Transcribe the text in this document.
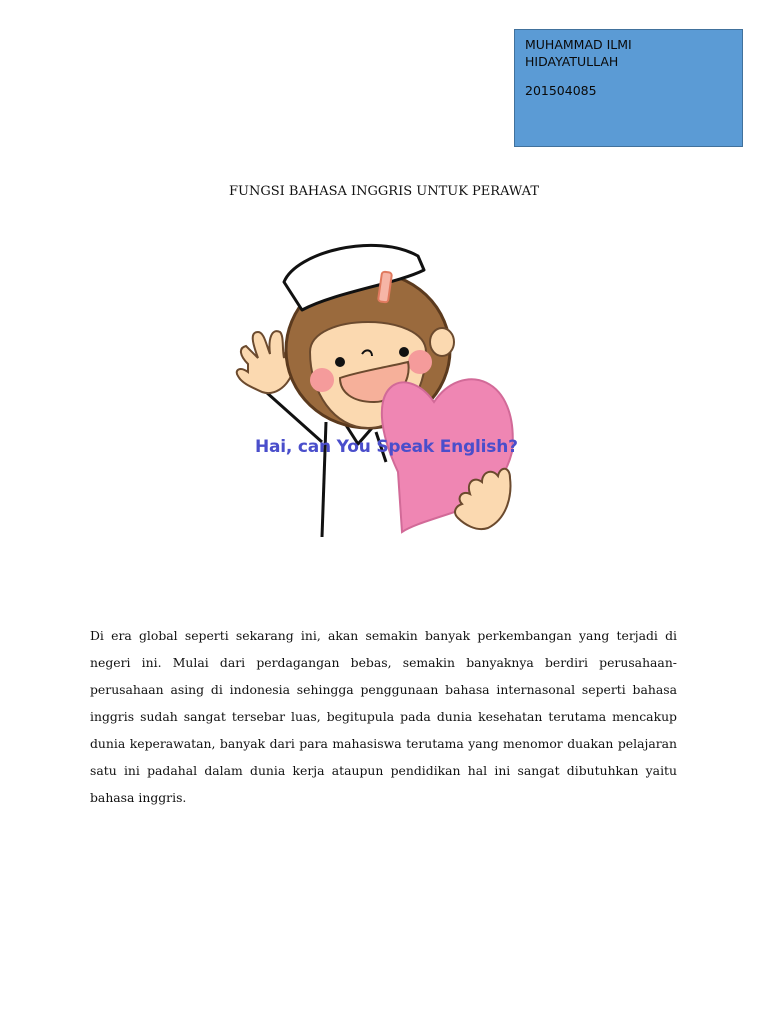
MUHAMMAD ILMI
HIDAYATULLAH
201504085
FUNGSI BAHASA INGGRIS UNTUK PERAWAT
Hai, can You Speak English?

Di era global seperti sekarang ini, akan semakin banyak perkembangan yang terjadi di negeri ini. Mulai dari perdagangan bebas, semakin banyaknya berdiri perusahaan-perusahaan asing di indonesia sehingga penggunaan bahasa internasonal seperti bahasa inggris sudah sangat tersebar luas, begitupula pada dunia kesehatan terutama mencakup dunia keperawatan, banyak dari para mahasiswa terutama yang menomor duakan pelajaran satu ini padahal dalam dunia kerja ataupun pendidikan hal ini sangat dibutuhkan yaitu bahasa inggris.
